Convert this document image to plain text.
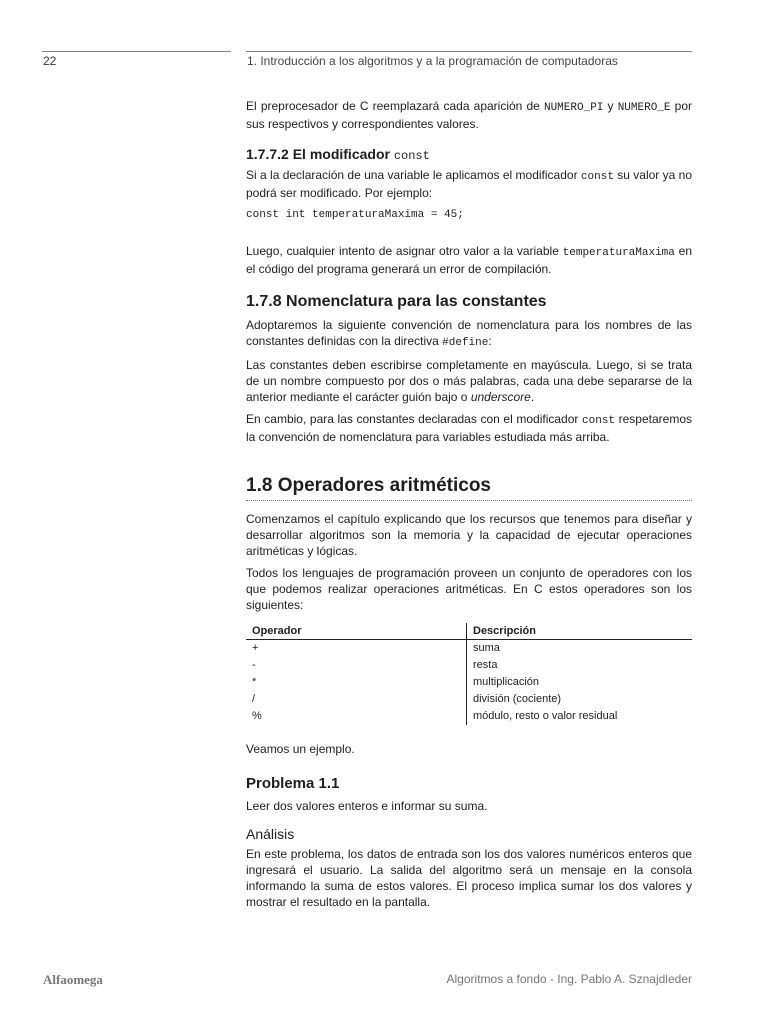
22	1. Introducción a los algoritmos y a la programación de computadoras

El preprocesador de C reemplazará cada aparición de NUMERO_PI y NUMERO_E por sus respectivos y correspondientes valores.

1.7.7.2 El modificador const

Si a la declaración de una variable le aplicamos el modificador const su valor ya no podrá ser modificado. Por ejemplo:

const int temperaturaMaxima = 45;

Luego, cualquier intento de asignar otro valor a la variable temperaturaMaxima en el código del programa generará un error de compilación.

1.7.8 Nomenclatura para las constantes

Adoptaremos la siguiente convención de nomenclatura para los nombres de las constantes definidas con la directiva #define:

Las constantes deben escribirse completamente en mayúscula. Luego, si se trata de un nombre compuesto por dos o más palabras, cada una debe separarse de la anterior mediante el carácter guión bajo o underscore.

En cambio, para las constantes declaradas con el modificador const respetaremos la convención de nomenclatura para variables estudiada más arriba.

1.8 Operadores aritméticos

Comenzamos el capítulo explicando que los recursos que tenemos para diseñar y desarrollar algoritmos son la memoria y la capacidad de ejecutar operaciones aritméticas y lógicas.

Todos los lenguajes de programación proveen un conjunto de operadores con los que podemos realizar operaciones aritméticas. En C estos operadores son los siguientes:

Operador	Descripción
+	suma
-	resta
*	multiplicación
/	división (cociente)
%	módulo, resto o valor residual

Veamos un ejemplo.

Problema 1.1

Leer dos valores enteros e informar su suma.

Análisis

En este problema, los datos de entrada son los dos valores numéricos enteros que ingresará el usuario. La salida del algoritmo será un mensaje en la consola informando la suma de estos valores. El proceso implica sumar los dos valores y mostrar el resultado en la pantalla.

Alfaomega	Algoritmos a fondo - Ing. Pablo A. Sznajdleder
